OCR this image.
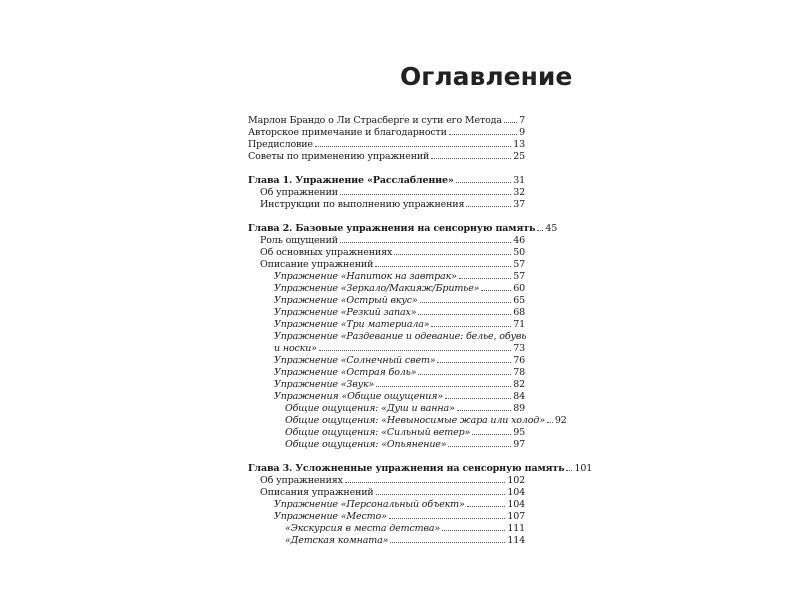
Оглавление
Марлон Брандо о Ли Страсберге и сути его Метода 7
Авторское примечание и благодарности	9
Предисловие	13
Советы по применению упражнений	25
Глава 1. Упражнение «Расслабление»	31
Об упражнении	32
Инструкции по выполнению упражнения	37
Глава 2. Базовые упражнения на сенсорную память 45
Роль ощущений	46
Об основных упражнениях	50
Описание упражнений	57
Упражнение «Напиток на завтрак»	57
Упражнение «Зеркало/Макияж/Бритье»	60
Упражнение «Острый вкус»	65
Упражнение «Резкий запах»	68
Упражнение «Три материала»	71
Упражнение «Раздевание и одевание: белье, обувь
и носки»	73
Упражнение «Солнечный свет»	76
Упражнение «Острая боль»	78
Упражнение «Звук»	82
Упражнения «Общие ощущения»	84
Общие ощущения: «Душ и ванна»	89
Общие ощущения: «Невыносимые жара или холод» 92
Общие ощущения: «Сильный ветер»	95
Общие ощущения: «Опьянение»	97
Глава 3. Усложненные упражнения на сенсорную память 101
Об упражнениях	102
Описания упражнений	104
Упражнение «Персональный объект»	104
Упражнение «Место»	107
«Экскурсия в места детства»	111
«Детская комната»	114
